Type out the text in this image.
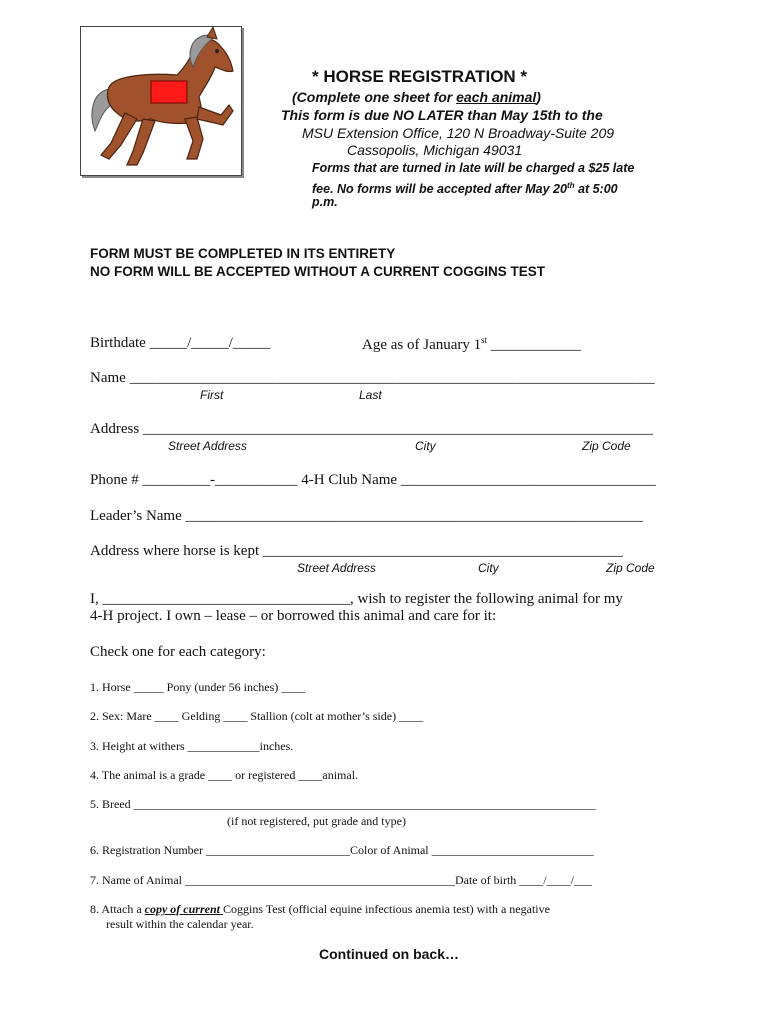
* HORSE REGISTRATION *
(Complete one sheet for each animal)
This form is due NO LATER than May 15th to the
MSU Extension Office, 120 N Broadway-Suite 209
Cassopolis, Michigan 49031
Forms that are turned in late will be charged a $25 late
fee. No forms will be accepted after May 20th at 5:00
p.m.
FORM MUST BE COMPLETED IN ITS ENTIRETY
NO FORM WILL BE ACCEPTED WITHOUT A CURRENT COGGINS TEST
Birthdate _____/_____/_____	Age as of January 1st ____________
Name ______________________________________________________________________
First	Last
Address ____________________________________________________________________
Street Address	City	Zip Code
Phone # _________-___________ 4-H Club Name __________________________________
Leader’s Name _____________________________________________________________
Address where horse is kept ________________________________________________
Street Address	City	Zip Code
I, _________________________________, wish to register the following animal for my
4-H project. I own – lease – or borrowed this animal and care for it:
Check one for each category:
1. Horse _____ Pony (under 56 inches) ____
2. Sex: Mare ____ Gelding ____ Stallion (colt at mother’s side) ____
3. Height at withers ____________inches.
4. The animal is a grade ____ or registered ____animal.
5. Breed _____________________________________________________________________________
(if not registered, put grade and type)
6. Registration Number ________________________Color of Animal ___________________________
7. Name of Animal _____________________________________________Date of birth ____/____/___
8. Attach a copy of current Coggins Test (official equine infectious anemia test) with a negative
result within the calendar year.
Continued on back…
